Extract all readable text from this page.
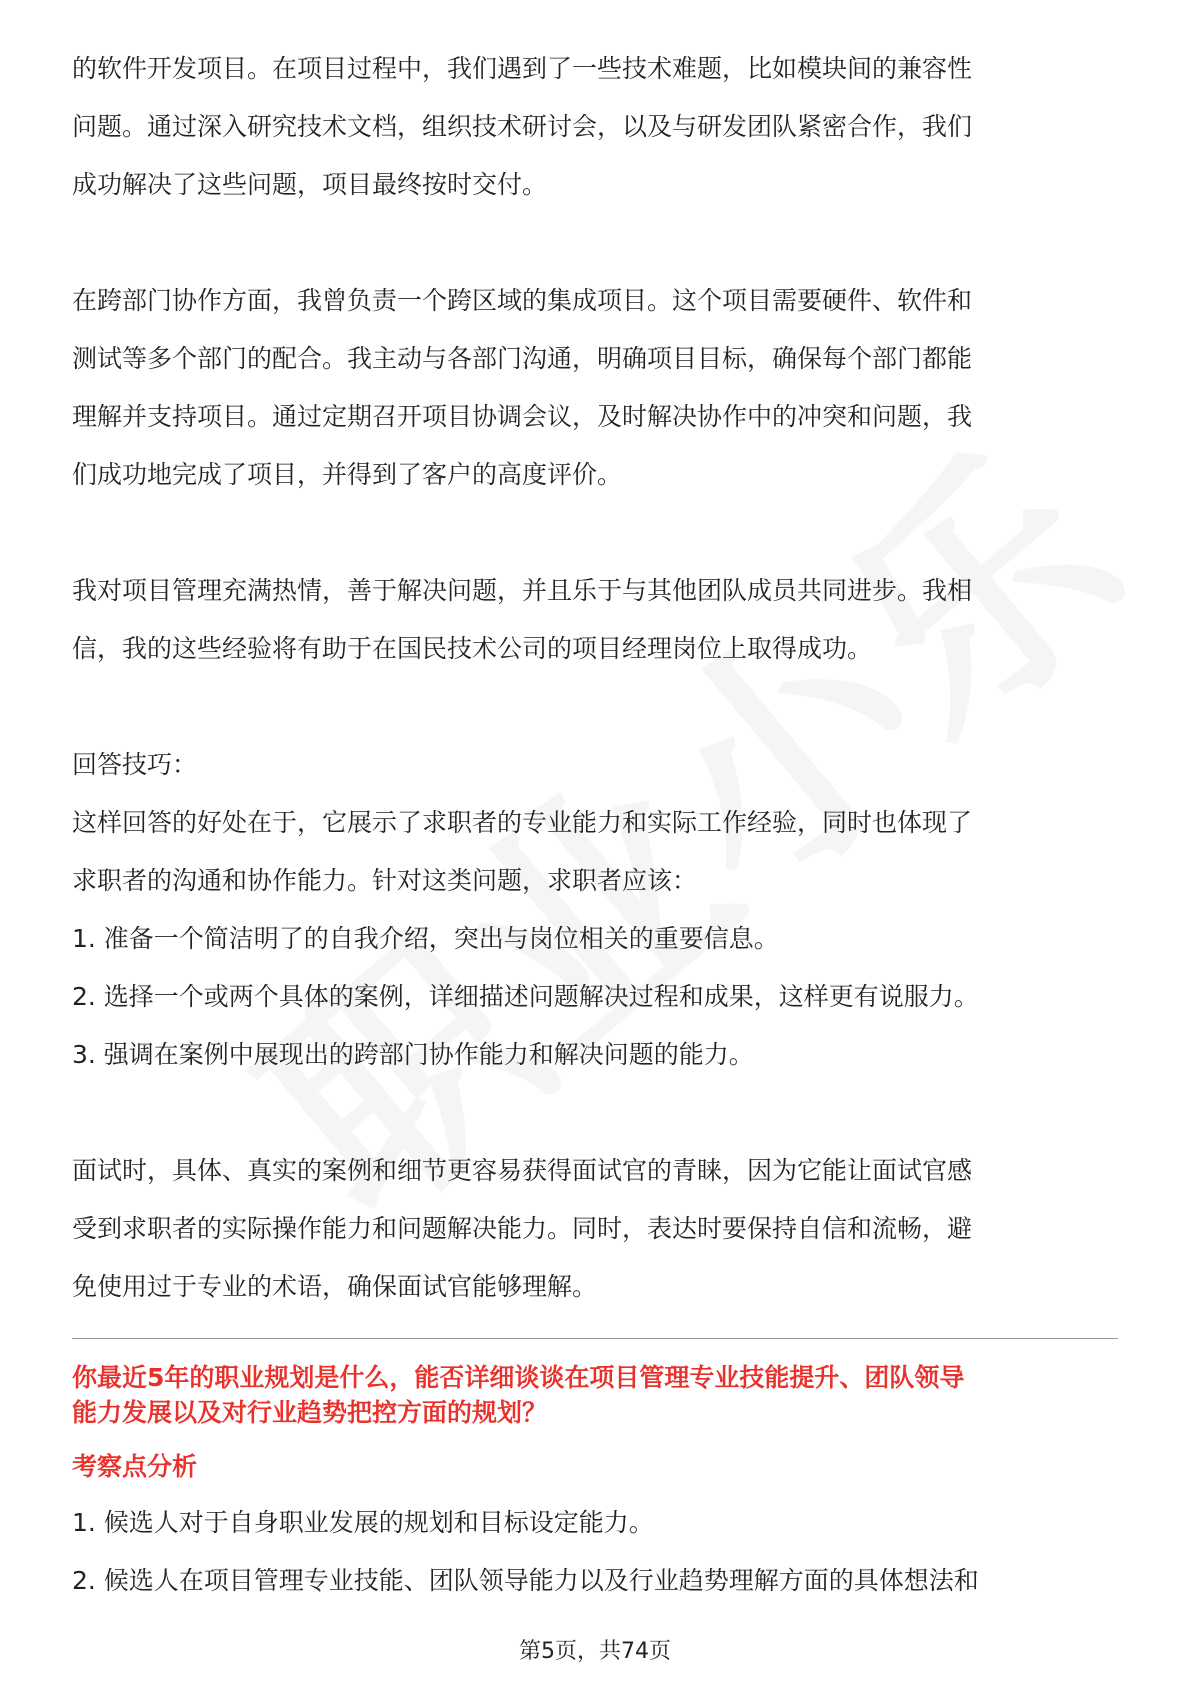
的软件开发项目。在项目过程中，我们遇到了一些技术难题，比如模块间的兼容性

问题。通过深入研究技术文档，组织技术研讨会，以及与研发团队紧密合作，我们

成功解决了这些问题，项目最终按时交付。

在跨部门协作方面，我曾负责一个跨区域的集成项目。这个项目需要硬件、软件和

测试等多个部门的配合。我主动与各部门沟通，明确项目目标，确保每个部门都能

理解并支持项目。通过定期召开项目协调会议，及时解决协作中的冲突和问题，我

们成功地完成了项目，并得到了客户的高度评价。

我对项目管理充满热情，善于解决问题，并且乐于与其他团队成员共同进步。我相

信，我的这些经验将有助于在国民技术公司的项目经理岗位上取得成功。

回答技巧：

这样回答的好处在于，它展示了求职者的专业能力和实际工作经验，同时也体现了

求职者的沟通和协作能力。针对这类问题，求职者应该：

1. 准备一个简洁明了的自我介绍，突出与岗位相关的重要信息。

2. 选择一个或两个具体的案例，详细描述问题解决过程和成果，这样更有说服力。

3. 强调在案例中展现出的跨部门协作能力和解决问题的能力。

面试时，具体、真实的案例和细节更容易获得面试官的青睐，因为它能让面试官感

受到求职者的实际操作能力和问题解决能力。同时，表达时要保持自信和流畅，避

免使用过于专业的术语，确保面试官能够理解。

你最近5年的职业规划是什么，能否详细谈谈在项目管理专业技能提升、团队领导

能力发展以及对行业趋势把控方面的规划？

考察点分析

1. 候选人对于自身职业发展的规划和目标设定能力。

2. 候选人在项目管理专业技能、团队领导能力以及行业趋势理解方面的具体想法和

第5页，共74页
